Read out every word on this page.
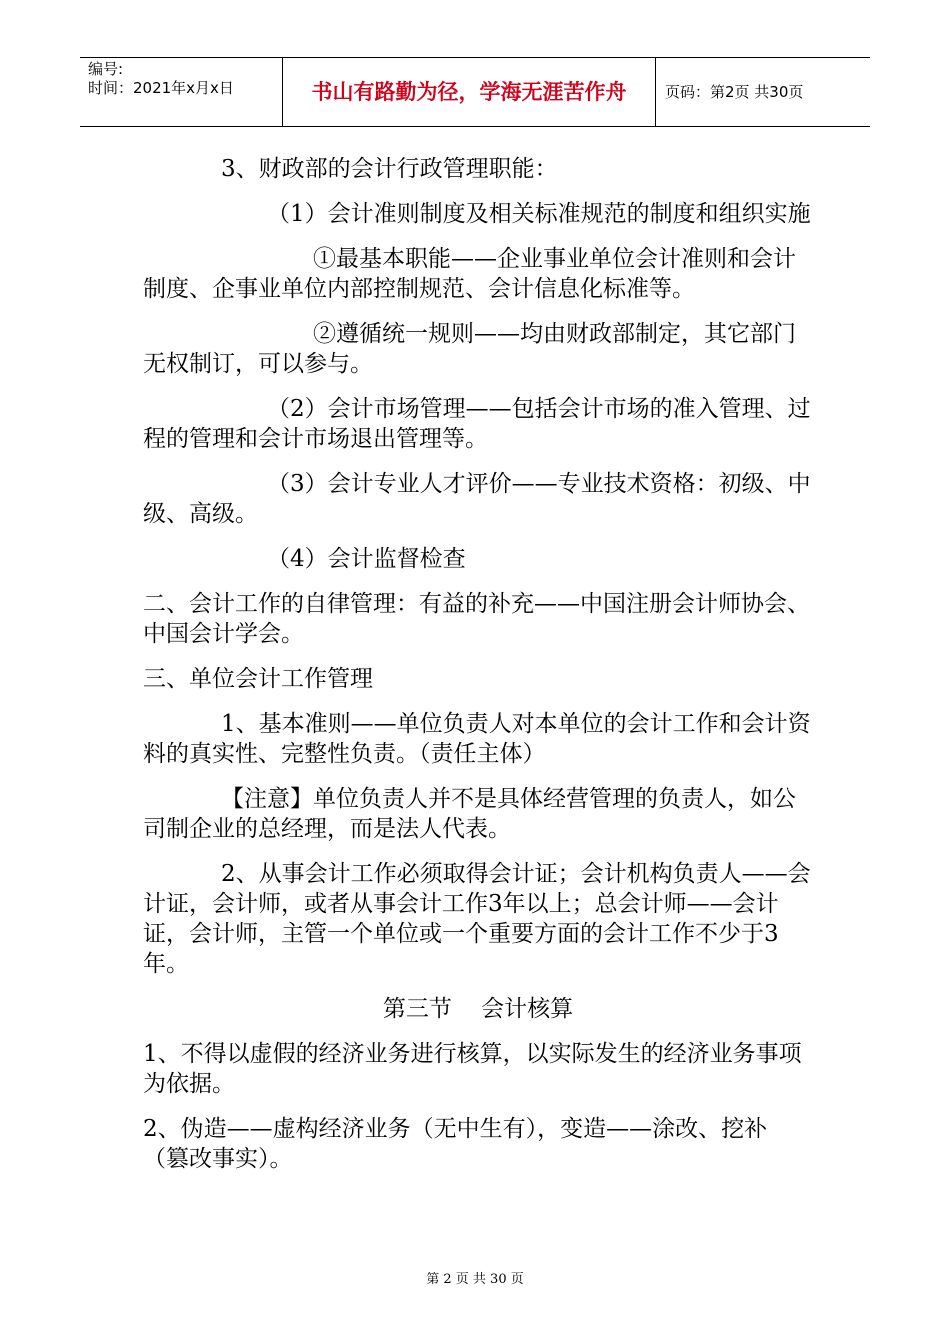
编号:
时间：2021年x月x日	书山有路勤为径，学海无涯苦作舟	页码：第2页 共30页

3、财政部的会计行政管理职能：

（1）会计准则制度及相关标准规范的制度和组织实施

①最基本职能——企业事业单位会计准则和会计制度、企事业单位内部控制规范、会计信息化标准等。

②遵循统一规则——均由财政部制定，其它部门无权制订，可以参与。

（2）会计市场管理——包括会计市场的准入管理、过程的管理和会计市场退出管理等。

（3）会计专业人才评价——专业技术资格：初级、中级、高级。

（4）会计监督检查

二、会计工作的自律管理：有益的补充——中国注册会计师协会、中国会计学会。

三、单位会计工作管理

1、基本准则——单位负责人对本单位的会计工作和会计资料的真实性、完整性负责。（责任主体）

【注意】单位负责人并不是具体经营管理的负责人，如公司制企业的总经理，而是法人代表。

2、从事会计工作必须取得会计证；会计机构负责人——会计证，会计师，或者从事会计工作3年以上；总会计师——会计证，会计师，主管一个单位或一个重要方面的会计工作不少于3年。

第三节    会计核算

1、不得以虚假的经济业务进行核算，以实际发生的经济业务事项为依据。

2、伪造——虚构经济业务（无中生有），变造——涂改、挖补（篡改事实）。

第 2 页 共 30 页
